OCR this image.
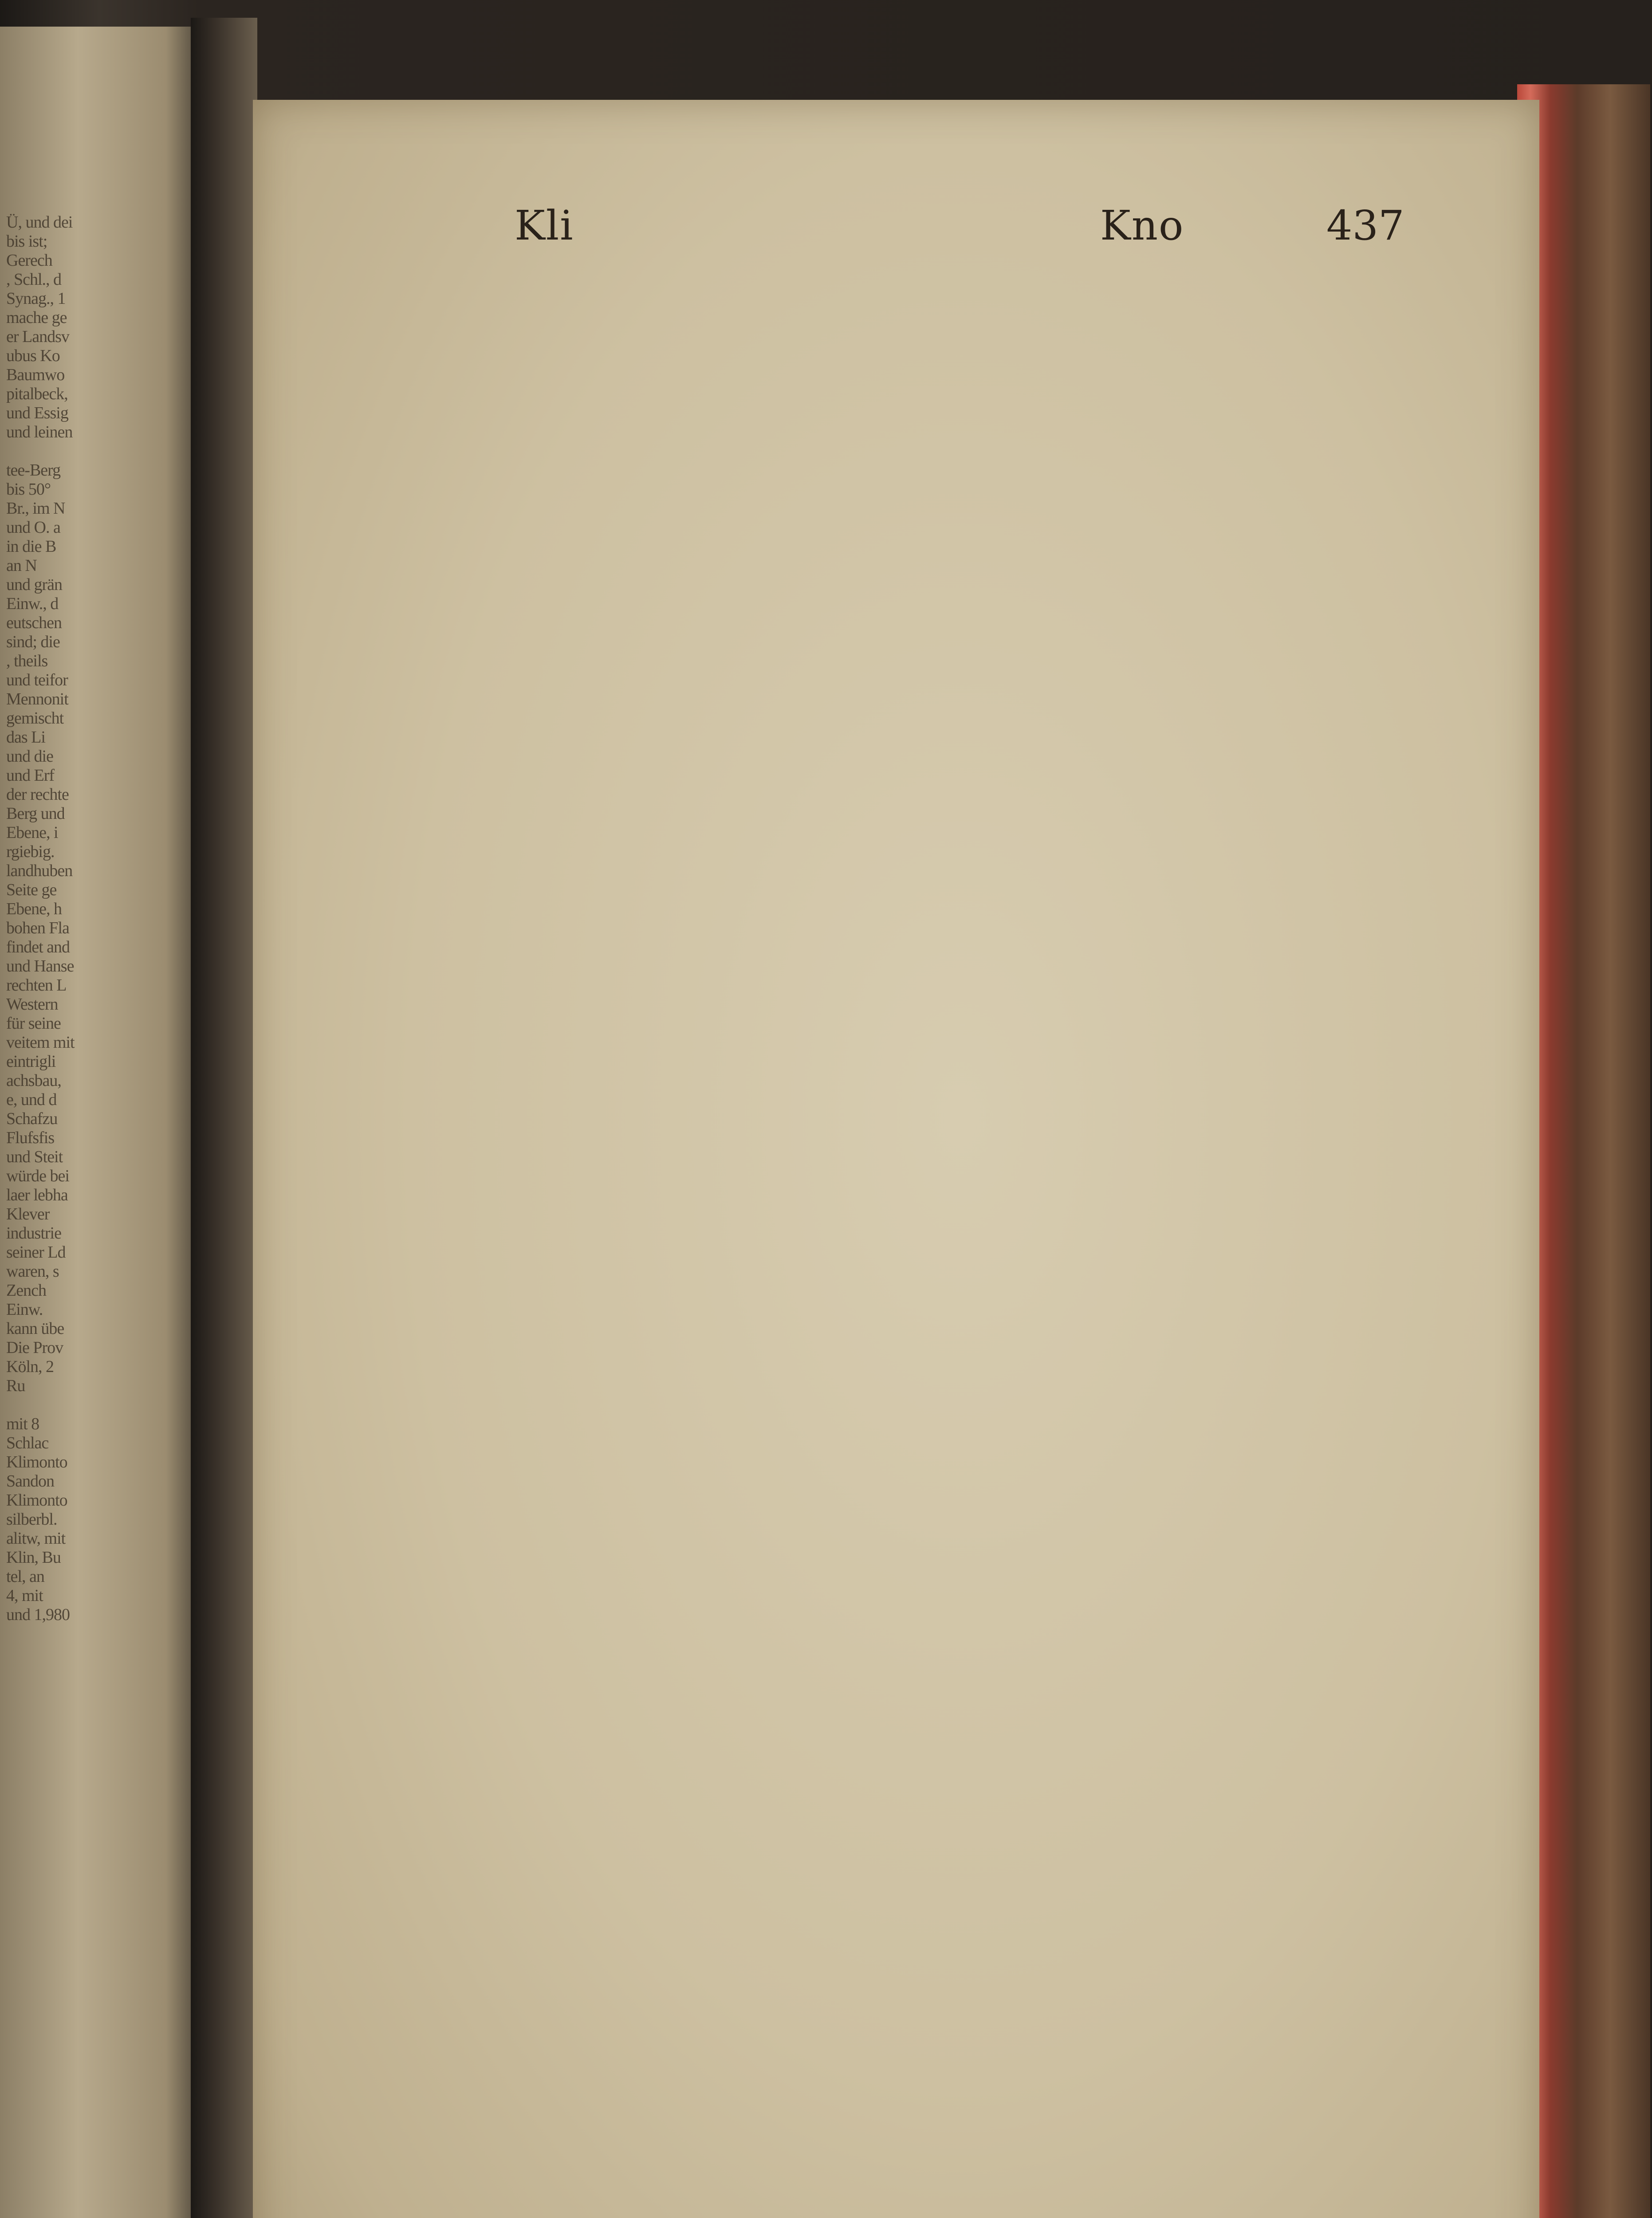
Ü, und dei
bis ist;
Gerech
, Schl., d
Synag., 1
mache ge
er Landsv
ubus Ko
Baumwo
pitalbeck,
und Essig
und leinen

tee-Berg
bis 50°
Br., im N
und O. a
in die B
an N
und grän
Einw., d
eutschen
sind; die
, theils
und teifor
Mennonit
gemischt
das Li
und die
und Erf
der rechte
Berg und
Ebene, i
rgiebig.
landhuben
Seite ge
Ebene, h
bohen Fla
findet and
und Hanse
rechten L
Western
für seine
veitem mit
eintrigli
achsbau,
e, und d
Schafzu
Flufsfis
und Steit
würde bei
laer lebha
Klever
industrie
seiner Ld
waren, s
Zench
Einw.
kann übe
Die Prov
Köln, 2
Ru

mit 8
Schlac
Klimonto
Sandon
Klimonto
silberbl.
alitw, mit
Klin, Bu
tel, an
4, mit
und 1,980
Kli	Kno	437
